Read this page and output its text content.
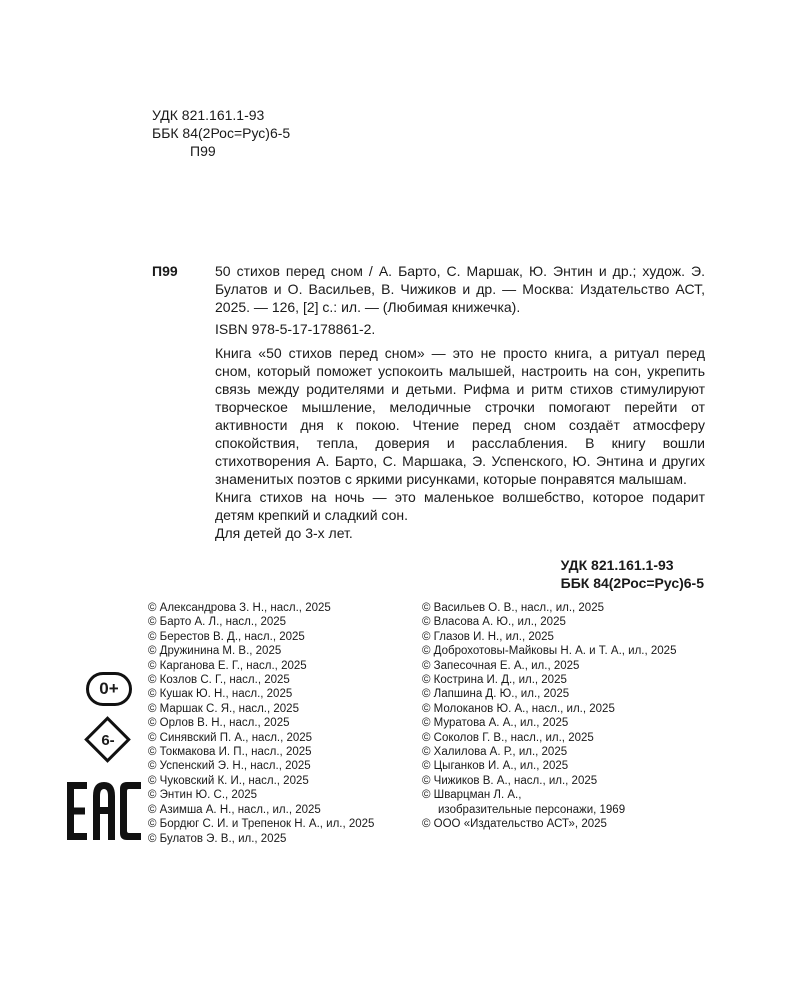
УДК 821.161.1-93
ББК 84(2Рос=Рус)6-5
П99
П99	50 стихов перед сном / А. Барто, С. Маршак, Ю. Энтин и др.; худож. Э. Булатов и О. Васильев, В. Чижиков и др. — Москва: Издательство АСТ, 2025. — 126, [2] с.: ил. — (Любимая книжечка).

ISBN 978-5-17-178861-2.

Книга «50 стихов перед сном» — это не просто книга, а ритуал перед сном, который поможет успокоить малышей, настроить на сон, укрепить связь между родителями и детьми. Рифма и ритм стихов стимулируют творческое мышление, мелодичные строчки помогают перейти от активности дня к покою. Чтение перед сном создаёт атмосферу спокойствия, тепла, доверия и расслабления. В книгу вошли стихотворения А. Барто, С. Маршака, Э. Успенского, Ю. Энтина и других знаменитых поэтов с яркими рисунками, которые понравятся малышам.

Книга стихов на ночь — это маленькое волшебство, которое подарит детям крепкий и сладкий сон.

Для детей до 3-х лет.

УДК 821.161.1-93
ББК 84(2Рос=Рус)6-5
© Александрова З. Н., насл., 2025
© Барто А. Л., насл., 2025
© Берестов В. Д., насл., 2025
© Дружинина М. В., 2025
© Карганова Е. Г., насл., 2025
© Козлов С. Г., насл., 2025
© Кушак Ю. Н., насл., 2025
© Маршак С. Я., насл., 2025
© Орлов В. Н., насл., 2025
© Синявский П. А., насл., 2025
© Токмакова И. П., насл., 2025
© Успенский Э. Н., насл., 2025
© Чуковский К. И., насл., 2025
© Энтин Ю. С., 2025
© Азимша А. Н., насл., ил., 2025
© Бордюг С. И. и Трепенок Н. А., ил., 2025
© Булатов Э. В., ил., 2025
© Васильев О. В., насл., ил., 2025
© Власова А. Ю., ил., 2025
© Глазов И. Н., ил., 2025
© Доброхотовы-Майковы Н. А. и Т. А., ил., 2025
© Запесочная Е. А., ил., 2025
© Кострина И. Д., ил., 2025
© Лапшина Д. Ю., ил., 2025
© Молоканов Ю. А., насл., ил., 2025
© Муратова А. А., ил., 2025
© Соколов Г. В., насл., ил., 2025
© Халилова А. Р., ил., 2025
© Цыганков И. А., ил., 2025
© Чижиков В. А., насл., ил., 2025
© Шварцман Л. А.,
изобразительные персонажи, 1969
© ООО «Издательство АСТ», 2025
0+
6-
